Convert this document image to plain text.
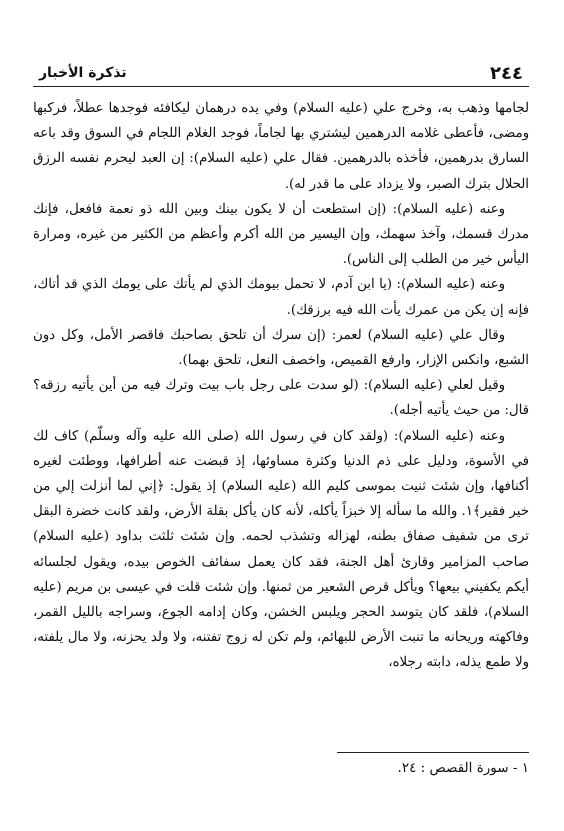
٢٤٤
تذكرة الأخبار

لجامها وذهب به، وخرج علي (عليه السلام) وفي يده درهمان ليكافئه فوجدها عطلاً، فركبها ومضى، فأعطى غلامه الدرهمين ليشتري بها لجاماً، فوجد الغلام اللجام في السوق وقد باعه السارق بدرهمين، فأخذه بالدرهمين. فقال علي (عليه السلام): إن العبد ليحرم نفسه الرزق الحلال بترك الصبر، ولا يزداد على ما قدر له).

وعنه (عليه السلام): (إن استطعت أن لا يكون بينك وبين الله ذو نعمة فافعل، فإنك مدرك قسمك، وآخذ سهمك، وإن اليسير من الله أكرم وأعظم من الكثير من غيره، ومرارة اليأس خير من الطلب إلى الناس).

وعنه (عليه السلام): (يا ابن آدم، لا تحمل بيومك الذي لم يأتك على يومك الذي قد أتاك، فإنه إن يكن من عمرك يأت الله فيه برزقك).

وقال علي (عليه السلام) لعمر: (إن سرك أن تلحق بصاحبك فاقصر الأمل، وكل دون الشبع، وانكس الإزار، وارفع القميص، واخصف النعل، تلحق بهما).

وقيل لعلي (عليه السلام): (لو سدت على رجل باب بيت وترك فيه من أين يأتيه رزقه؟ قال: من حيث يأتيه أجله).

وعنه (عليه السلام): (ولقد كان في رسول الله (صلى الله عليه وآله وسلّم) كاف لك في الأسوة، ودليل على ذم الدنيا وكثرة مساوئها، إذ قبضت عنه أطرافها، ووطئت لغيره أكنافها، وإن شئت ثنيت بموسى كليم الله (عليه السلام) إذ يقول: ﴿إني لما أنزلت إلي من خير فقير﴾١. والله ما سأله إلا خبزاً يأكله، لأنه كان يأكل بقلة الأرض، ولقد كانت خضرة البقل ترى من شفيف صفاق بطنه، لهزاله وتشذب لحمه. وإن شئت ثلثت بداود (عليه السلام) صاحب المزامير وقارئ أهل الجنة، فقد كان يعمل سفائف الخوص بيده، ويقول لجلسائه أيكم يكفيني بيعها؟ ويأكل قرص الشعير من ثمنها. وإن شئت قلت في عيسى بن مريم (عليه السلام)، فلقد كان يتوسد الحجر ويلبس الخشن، وكان إدامه الجوع، وسراجه بالليل القمر، وفاكهته وريحانه ما تنبت الأرض للبهائم، ولم تكن له زوج تفتنه، ولا ولد يحزنه، ولا مال يلفته، ولا طمع يذله، دابته رجلاه،

١ - سورة القصص : ٢٤.
